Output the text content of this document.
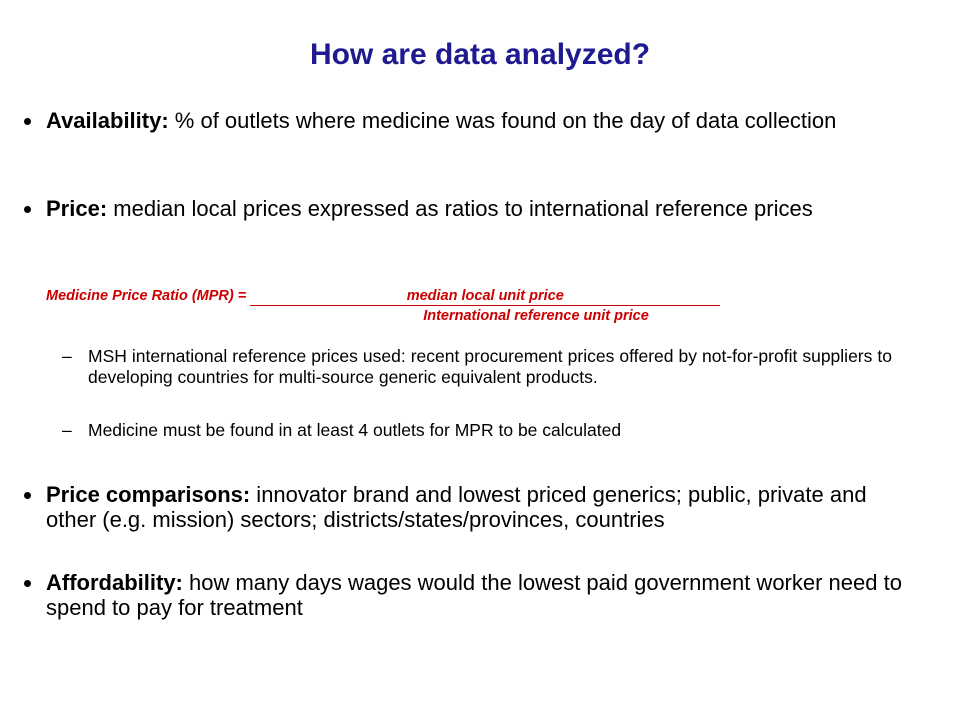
How are data analyzed?
Availability: % of outlets where medicine was found on the day of data collection
Price: median local prices expressed as ratios to international reference prices
Medicine Price Ratio (MPR) =	median local unit price
International reference unit price
– MSH international reference prices used: recent procurement prices offered by not-for-profit suppliers to developing countries for multi-source generic equivalent products.
– Medicine must be found in at least 4 outlets for MPR to be calculated
Price comparisons: innovator brand and lowest priced generics; public, private and other (e.g. mission) sectors; districts/states/provinces, countries
Affordability: how many days wages would the lowest paid government worker need to spend to pay for treatment
